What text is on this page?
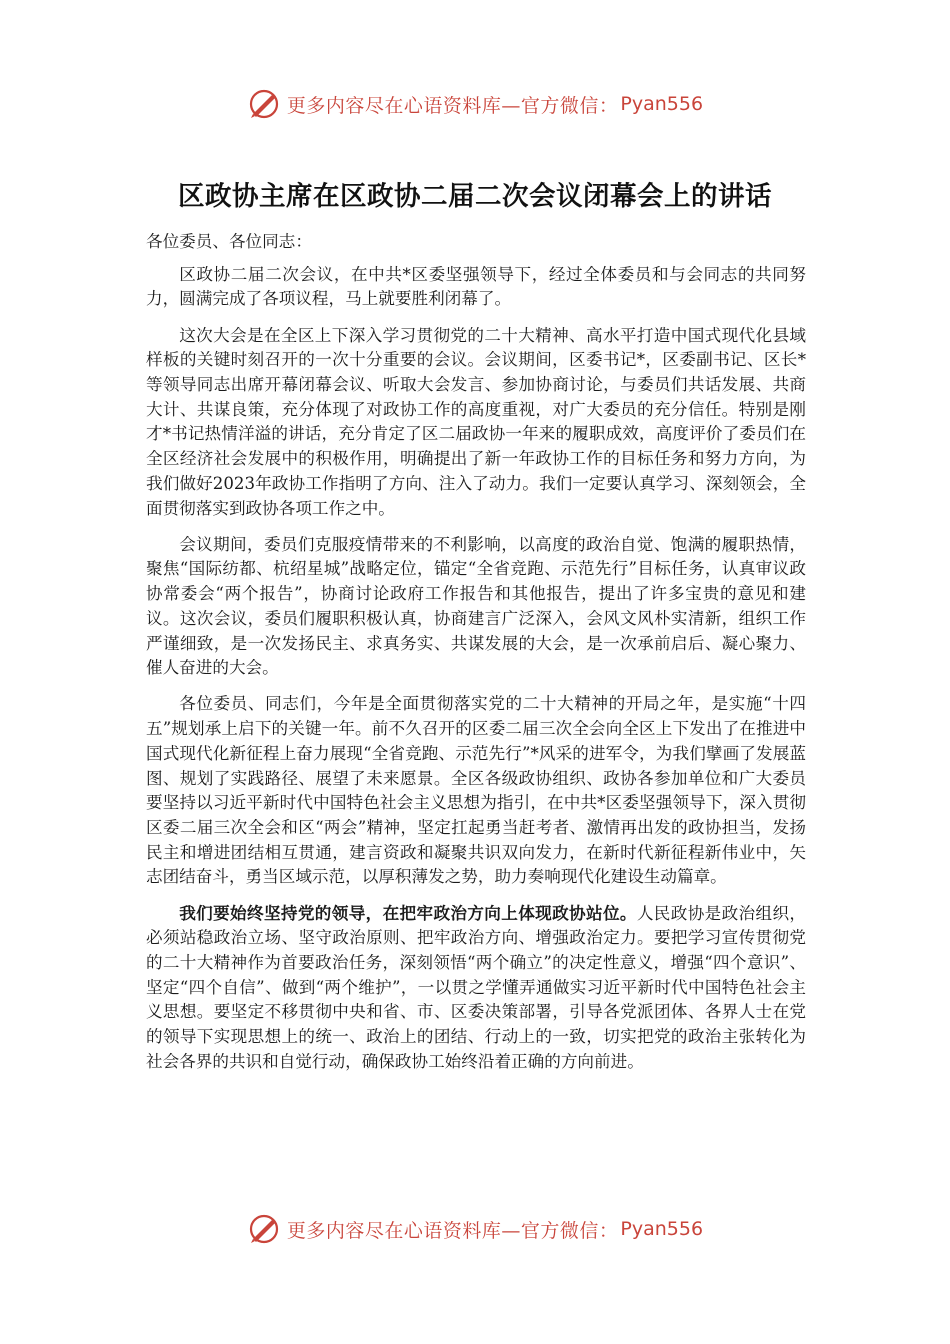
更多内容尽在心语资料库—官方微信： Pyan556
区政协主席在区政协二届二次会议闭幕会上的讲话

各位委员、各位同志：

区政协二届二次会议，在中共*区委坚强领导下，经过全体委员和与会同志的共同努力，圆满完成了各项议程，马上就要胜利闭幕了。

这次大会是在全区上下深入学习贯彻党的二十大精神、高水平打造中国式现代化县域样板的关键时刻召开的一次十分重要的会议。会议期间，区委书记*，区委副书记、区长*等领导同志出席开幕闭幕会议、听取大会发言、参加协商讨论，与委员们共话发展、共商大计、共谋良策，充分体现了对政协工作的高度重视，对广大委员的充分信任。特别是刚才*书记热情洋溢的讲话，充分肯定了区二届政协一年来的履职成效，高度评价了委员们在全区经济社会发展中的积极作用，明确提出了新一年政协工作的目标任务和努力方向，为我们做好2023年政协工作指明了方向、注入了动力。我们一定要认真学习、深刻领会，全面贯彻落实到政协各项工作之中。

会议期间，委员们克服疫情带来的不利影响，以高度的政治自觉、饱满的履职热情，聚焦“国际纺都、杭绍星城”战略定位，锚定“全省竞跑、示范先行”目标任务，认真审议政协常委会“两个报告”，协商讨论政府工作报告和其他报告，提出了许多宝贵的意见和建议。这次会议，委员们履职积极认真，协商建言广泛深入，会风文风朴实清新，组织工作严谨细致，是一次发扬民主、求真务实、共谋发展的大会，是一次承前启后、凝心聚力、催人奋进的大会。

各位委员、同志们，今年是全面贯彻落实党的二十大精神的开局之年，是实施“十四五”规划承上启下的关键一年。前不久召开的区委二届三次全会向全区上下发出了在推进中国式现代化新征程上奋力展现“全省竞跑、示范先行”*风采的进军令，为我们擘画了发展蓝图、规划了实践路径、展望了未来愿景。全区各级政协组织、政协各参加单位和广大委员要坚持以习近平新时代中国特色社会主义思想为指引，在中共*区委坚强领导下，深入贯彻区委二届三次全会和区“两会”精神，坚定扛起勇当赶考者、激情再出发的政协担当，发扬民主和增进团结相互贯通，建言资政和凝聚共识双向发力，在新时代新征程新伟业中，矢志团结奋斗，勇当区域示范，以厚积薄发之势，助力奏响现代化建设生动篇章。

我们要始终坚持党的领导，在把牢政治方向上体现政协站位。人民政协是政治组织，必须站稳政治立场、坚守政治原则、把牢政治方向、增强政治定力。要把学习宣传贯彻党的二十大精神作为首要政治任务，深刻领悟“两个确立”的决定性意义，增强“四个意识”、坚定“四个自信”、做到“两个维护”，一以贯之学懂弄通做实习近平新时代中国特色社会主义思想。要坚定不移贯彻中央和省、市、区委决策部署，引导各党派团体、各界人士在党的领导下实现思想上的统一、政治上的团结、行动上的一致，切实把党的政治主张转化为社会各界的共识和自觉行动，确保政协工始终沿着正确的方向前进。

更多内容尽在心语资料库—官方微信： Pyan556
